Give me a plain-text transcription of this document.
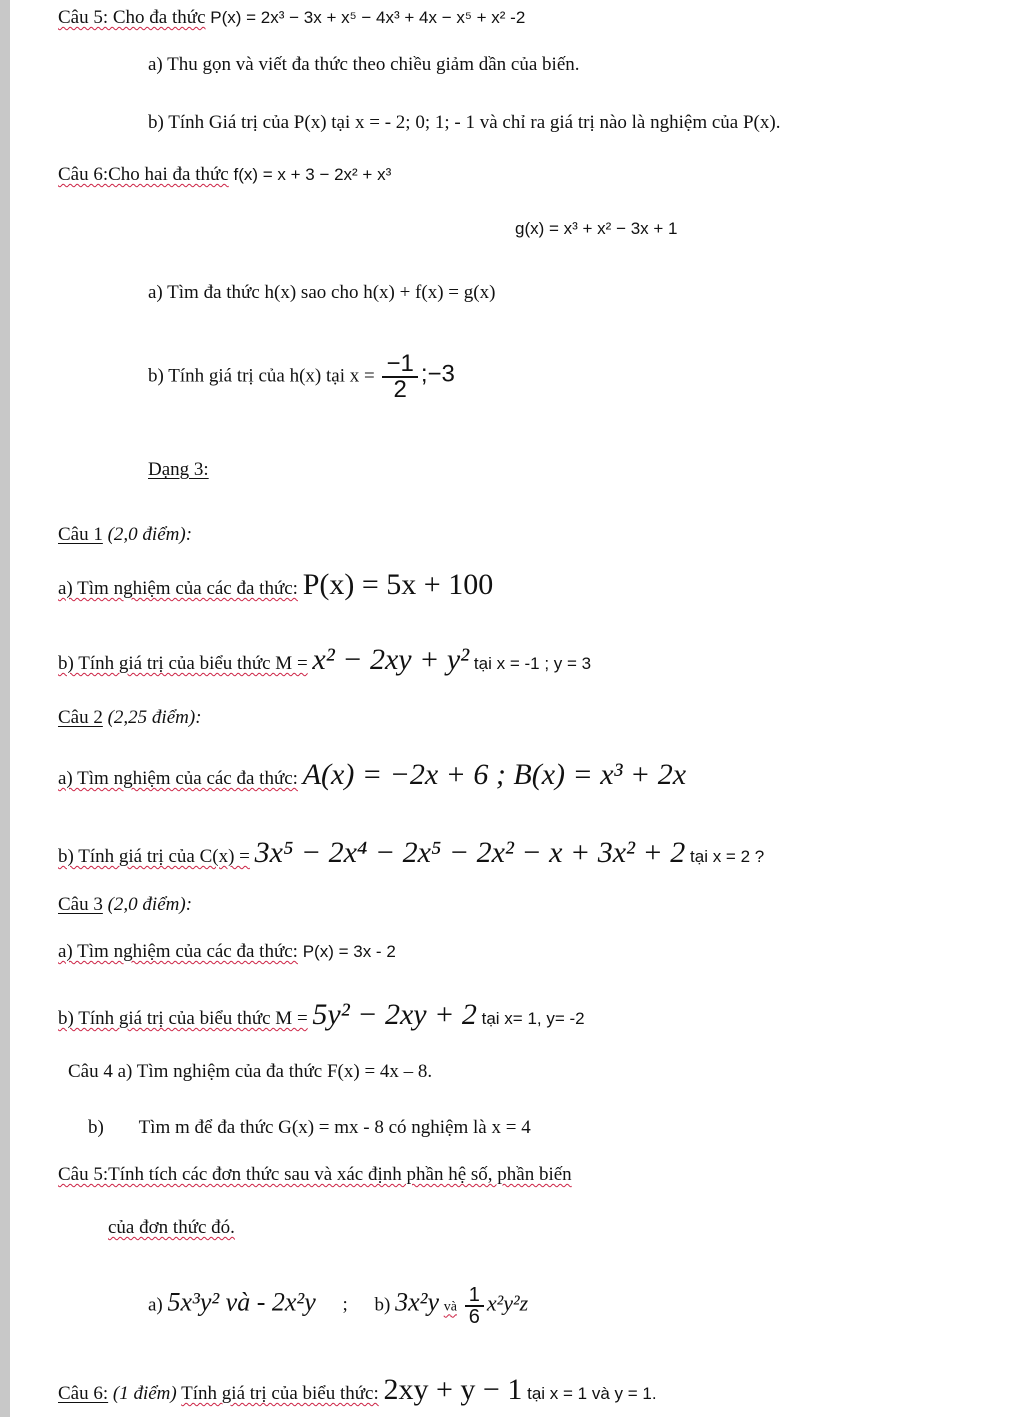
Câu 5: Cho đa thức P(x) = 2x³ − 3x + x⁵ − 4x³ + 4x − x⁵ + x² -2
a) Thu gọn và viết đa thức theo chiều giảm dần của biến.
b) Tính Giá trị của P(x) tại x = - 2; 0; 1; - 1 và chỉ ra giá trị nào là nghiệm của P(x).
Câu 6:Cho hai đa thức f(x) = x + 3 − 2x² + x³
g(x) = x³ + x² − 3x + 1
a) Tìm đa thức h(x) sao cho h(x) + f(x) = g(x)
b) Tính giá trị của h(x) tại $x = \frac{-1}{2}$ ;−3
Dạng 3:
Câu 1 (2,0 điểm):
a) Tìm nghiệm của các đa thức: P(x) = 5x + 100
b) Tính giá trị của biểu thức M = x² − 2xy + y² tại x = -1 ; y = 3
Câu 2 (2,25 điểm):
a) Tìm nghiệm của các đa thức: A(x) = −2x + 6 ; B(x) = x³ + 2x
b) Tính giá trị của C(x) = 3x⁵ − 2x⁴ − 2x⁵ − 2x² − x + 3x² + 2 tại x = 2 ?
Câu 3 (2,0 điểm):
a) Tìm nghiệm của các đa thức: P(x) = 3x - 2
b) Tính giá trị của biểu thức M = 5y² − 2xy + 2 tại x= 1, y= -2
Câu 4 a) Tìm nghiệm của đa thức F(x) = 4x – 8.
b) Tìm m để đa thức G(x) = mx - 8 có nghiệm là x = 4
Câu 5:Tính tích các đơn thức sau và xác định phần hệ số, phần biến
của đơn thức đó.
a) 5x³y² và - 2x²y ; b) 3x²y và $\frac{1}{6} x^2y^2z$
Câu 6: (1 điểm) Tính giá trị của biểu thức: 2xy + y − 1 tại x = 1 và y = 1.
